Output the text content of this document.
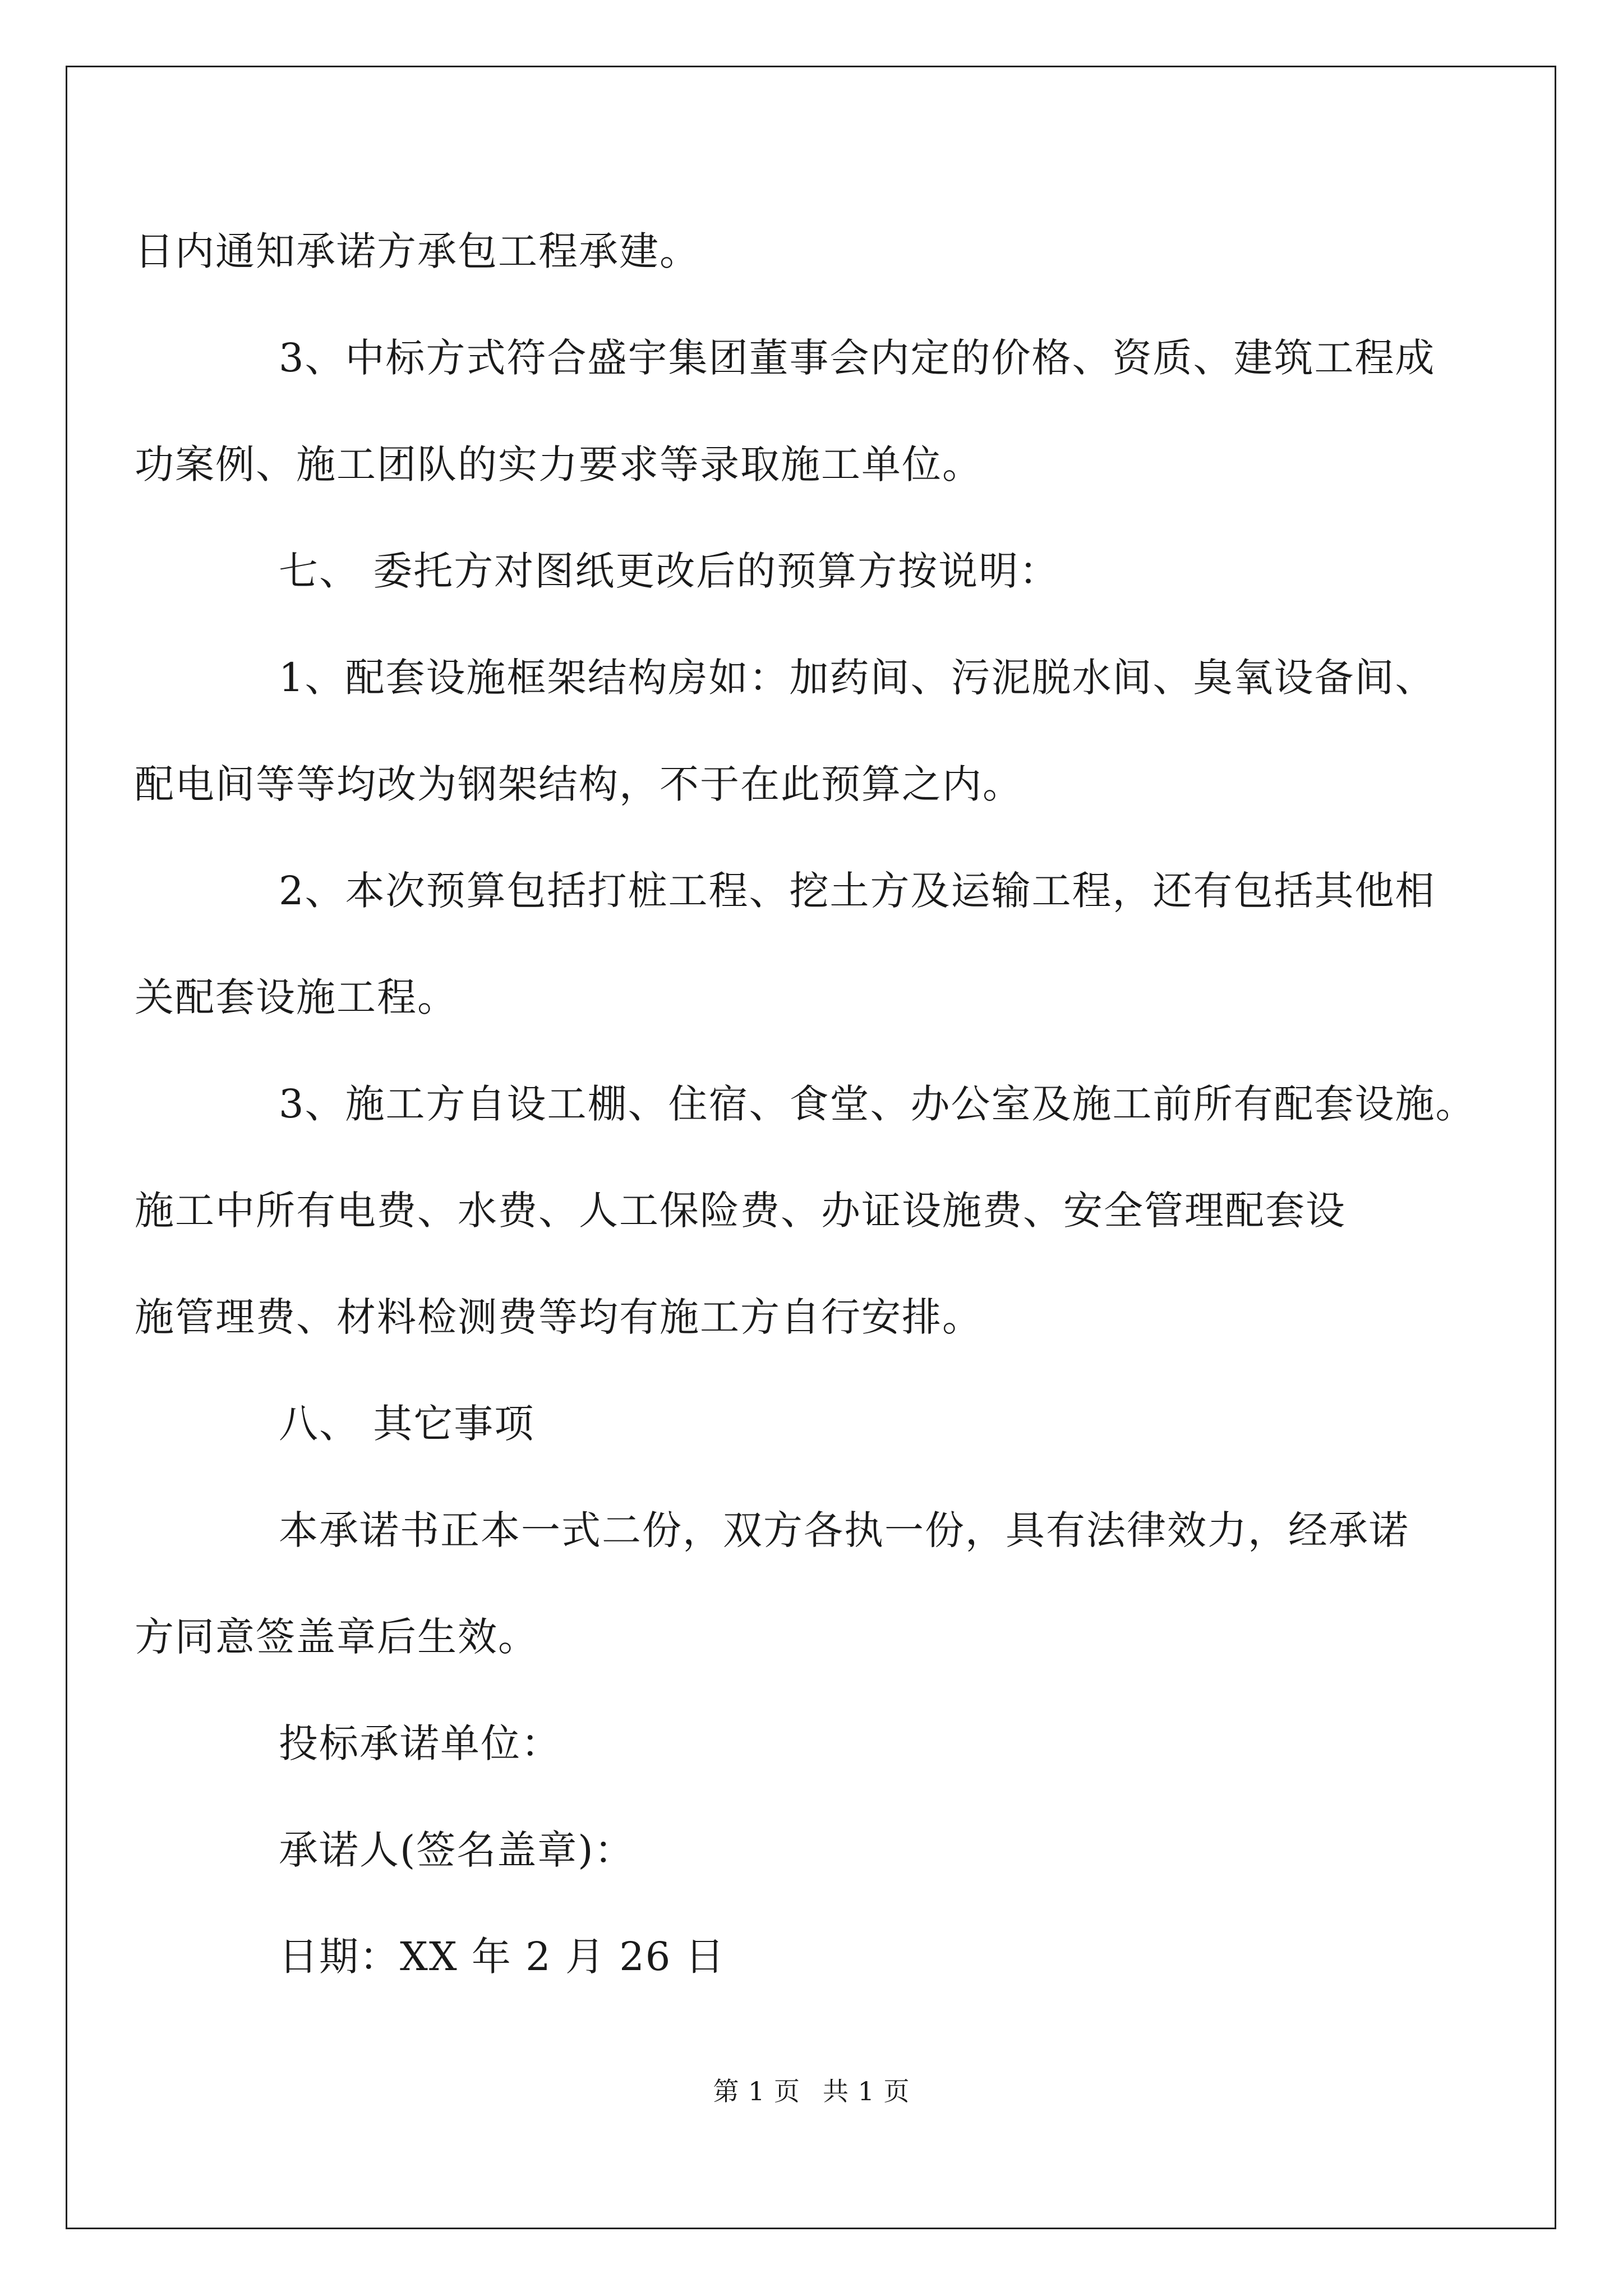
日内通知承诺方承包工程承建。
3、中标方式符合盛宇集团董事会内定的价格、资质、建筑工程成
功案例、施工团队的实力要求等录取施工单位。
七、 委托方对图纸更改后的预算方按说明：
1、配套设施框架结构房如：加药间、污泥脱水间、臭氧设备间、
配电间等等均改为钢架结构，不于在此预算之内。
2、本次预算包括打桩工程、挖土方及运输工程，还有包括其他相
关配套设施工程。
3、施工方自设工棚、住宿、食堂、办公室及施工前所有配套设施。
施工中所有电费、水费、人工保险费、办证设施费、安全管理配套设
施管理费、材料检测费等均有施工方自行安排。
八、 其它事项
本承诺书正本一式二份，双方各执一份，具有法律效力，经承诺
方同意签盖章后生效。
投标承诺单位：
承诺人(签名盖章)：
日期：XX 年 2 月 26 日
第 1 页 共 1 页
